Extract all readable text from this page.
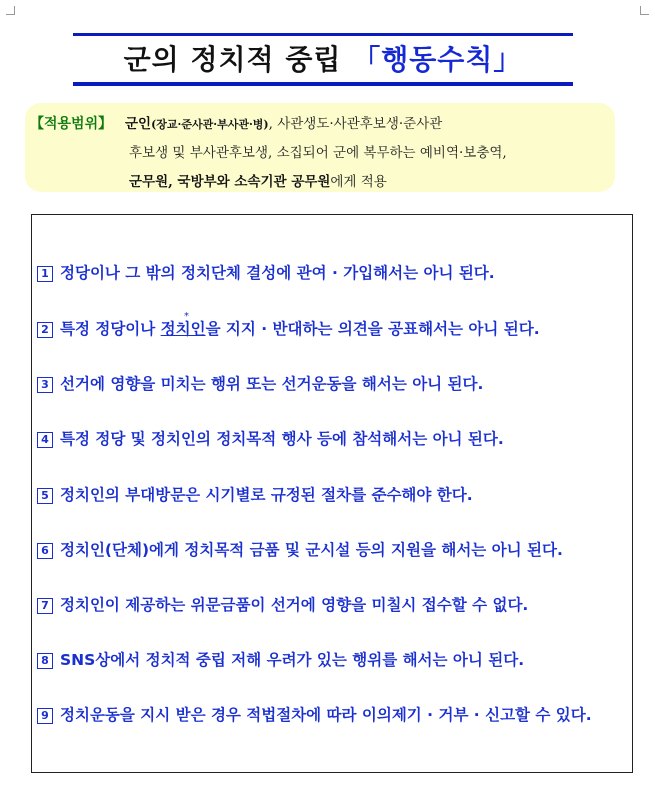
군의 정치적 중립 「행동수칙」
【적용범위】 군인(장교·준사관·부사관·병), 사관생도·사관후보생·준사관
후보생 및 부사관후보생, 소집되어 군에 복무하는 예비역·보충역,
군무원, 국방부와 소속기관 공무원에게 적용
1 정당이나 그 밖의 정치단체 결성에 관여 · 가입해서는 아니 된다.
*
2 특정 정당이나 정치인을 지지 · 반대하는 의견을 공표해서는 아니 된다.
3 선거에 영향을 미치는 행위 또는 선거운동을 해서는 아니 된다.
4 특정 정당 및 정치인의 정치목적 행사 등에 참석해서는 아니 된다.
5 정치인의 부대방문은 시기별로 규정된 절차를 준수해야 한다.
6 정치인(단체)에게 정치목적 금품 및 군시설 등의 지원을 해서는 아니 된다.
7 정치인이 제공하는 위문금품이 선거에 영향을 미칠시 접수할 수 없다.
8 SNS상에서 정치적 중립 저해 우려가 있는 행위를 해서는 아니 된다.
9 정치운동을 지시 받은 경우 적법절차에 따라 이의제기 · 거부 · 신고할 수 있다.
